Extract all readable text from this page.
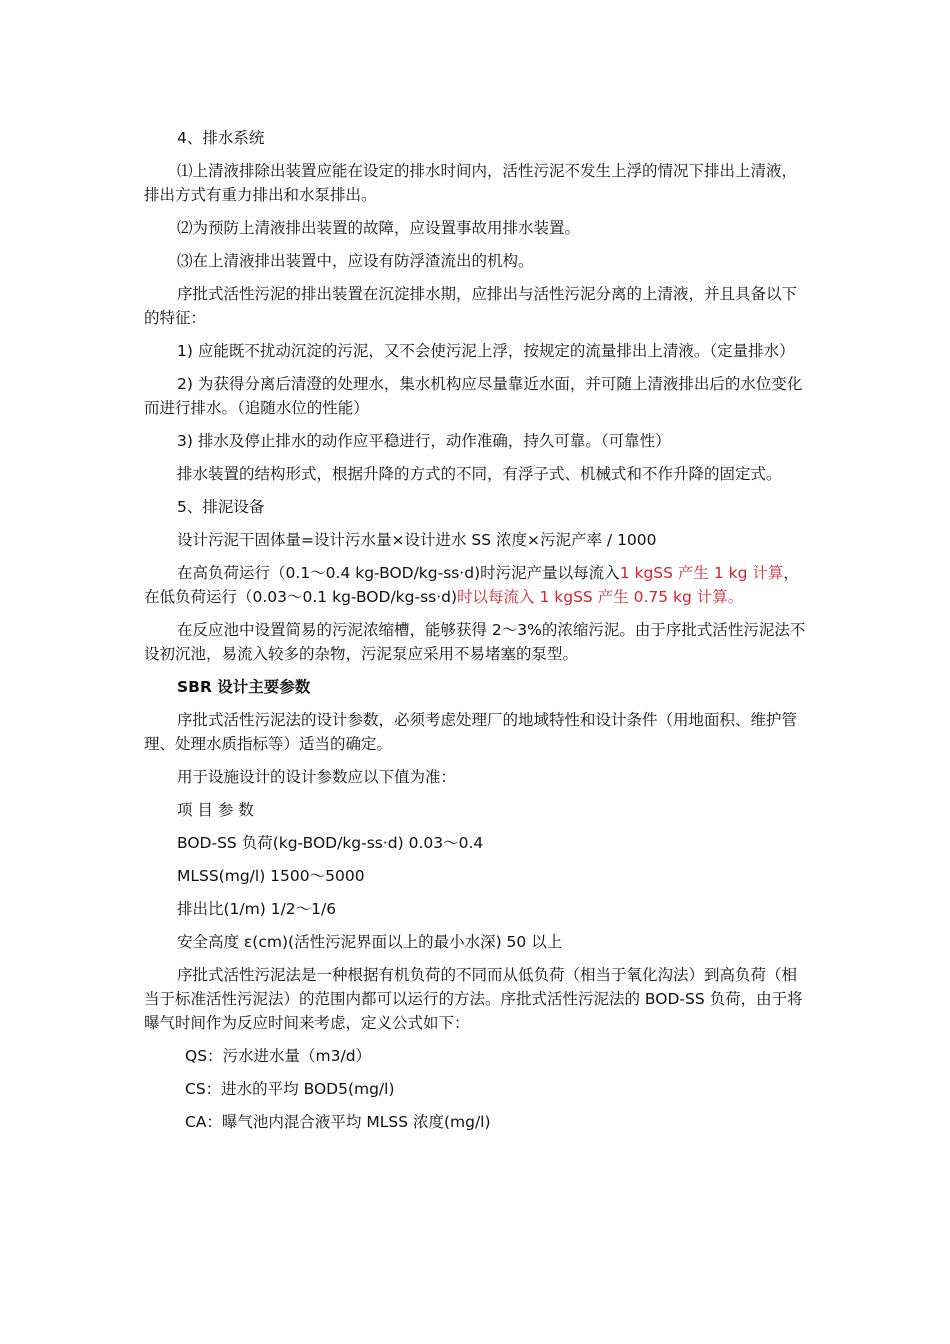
4、排水系统

⑴上清液排除出装置应能在设定的排水时间内，活性污泥不发生上浮的情况下排出上清液，排出方式有重力排出和水泵排出。

⑵为预防上清液排出装置的故障，应设置事故用排水装置。

⑶在上清液排出装置中，应设有防浮渣流出的机构。

序批式活性污泥的排出装置在沉淀排水期，应排出与活性污泥分离的上清液，并且具备以下的特征：

1) 应能既不扰动沉淀的污泥，又不会使污泥上浮，按规定的流量排出上清液。（定量排水）

2) 为获得分离后清澄的处理水，集水机构应尽量靠近水面，并可随上清液排出后的水位变化而进行排水。（追随水位的性能）

3) 排水及停止排水的动作应平稳进行，动作准确，持久可靠。（可靠性）

排水装置的结构形式，根据升降的方式的不同，有浮子式、机械式和不作升降的固定式。

5、排泥设备

设计污泥干固体量=设计污水量×设计进水 SS 浓度×污泥产率 / 1000

在高负荷运行（0.1～0.4 kg-BOD/kg-ss·d)时污泥产量以每流入1 kgSS 产生 1 kg 计算，在低负荷运行（0.03～0.1 kg-BOD/kg-ss·d)时以每流入 1 kgSS 产生 0.75 kg 计算。

在反应池中设置简易的污泥浓缩槽，能够获得 2～3%的浓缩污泥。由于序批式活性污泥法不设初沉池，易流入较多的杂物，污泥泵应采用不易堵塞的泵型。

SBR 设计主要参数

序批式活性污泥法的设计参数，必须考虑处理厂的地域特性和设计条件（用地面积、维护管理、处理水质指标等）适当的确定。

用于设施设计的设计参数应以下值为准：

项 目 参 数

BOD-SS 负荷(kg-BOD/kg-ss·d) 0.03～0.4

MLSS(mg/l) 1500～5000

排出比(1/m) 1/2～1/6

安全高度 ε(cm)(活性污泥界面以上的最小水深) 50 以上

序批式活性污泥法是一种根据有机负荷的不同而从低负荷（相当于氧化沟法）到高负荷（相当于标准活性污泥法）的范围内都可以运行的方法。序批式活性污泥法的 BOD-SS 负荷，由于将曝气时间作为反应时间来考虑，定义公式如下：

QS：污水进水量（m3/d）

CS：进水的平均 BOD5(mg/l)

CA：曝气池内混合液平均 MLSS 浓度(mg/l)
